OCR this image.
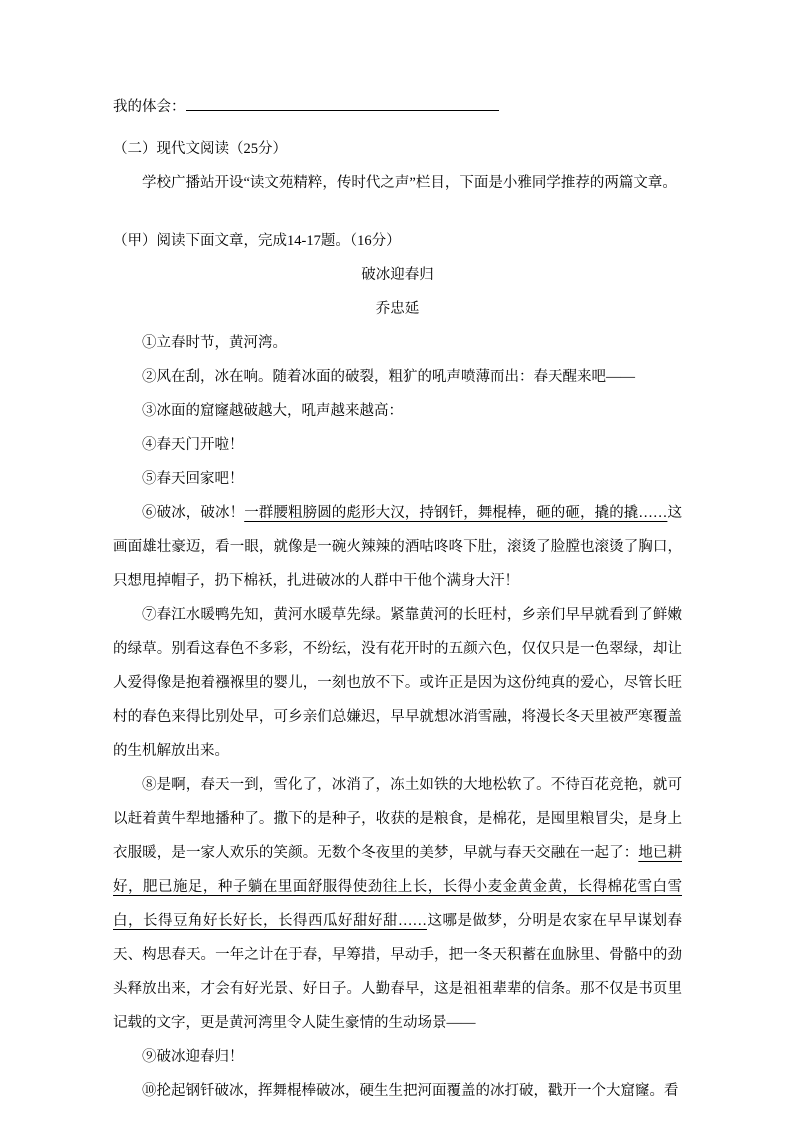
我的体会：

（二）现代文阅读（25分）

学校广播站开设“读文苑精粹，传时代之声”栏目，下面是小雅同学推荐的两篇文章。

（甲）阅读下面文章，完成14-17题。（16分）

破冰迎春归

乔忠延

①立春时节，黄河湾。

②风在刮，冰在响。随着冰面的破裂，粗犷的吼声喷薄而出：春天醒来吧——

③冰面的窟窿越破越大，吼声越来越高：

④春天门开啦！

⑤春天回家吧！

⑥破冰，破冰！一群腰粗膀圆的彪形大汉，持钢钎，舞棍棒，砸的砸，撬的撬……这画面雄壮豪迈，看一眼，就像是一碗火辣辣的酒咕咚咚下肚，滚烫了脸膛也滚烫了胸口，只想甩掉帽子，扔下棉袄，扎进破冰的人群中干他个满身大汗！

⑦春江水暖鸭先知，黄河水暖草先绿。紧靠黄河的长旺村，乡亲们早早就看到了鲜嫩的绿草。别看这春色不多彩，不纷纭，没有花开时的五颜六色，仅仅只是一色翠绿，却让人爱得像是抱着襁褓里的婴儿，一刻也放不下。或许正是因为这份纯真的爱心，尽管长旺村的春色来得比别处早，可乡亲们总嫌迟，早早就想冰消雪融，将漫长冬天里被严寒覆盖的生机解放出来。

⑧是啊，春天一到，雪化了，冰消了，冻土如铁的大地松软了。不待百花竞艳，就可以赶着黄牛犁地播种了。撒下的是种子，收获的是粮食，是棉花，是囤里粮冒尖，是身上衣服暖，是一家人欢乐的笑颜。无数个冬夜里的美梦，早就与春天交融在一起了：地已耕好，肥已施足，种子躺在里面舒服得使劲往上长，长得小麦金黄金黄，长得棉花雪白雪白，长得豆角好长好长，长得西瓜好甜好甜……这哪是做梦，分明是农家在早早谋划春天、构思春天。一年之计在于春，早筹措，早动手，把一冬天积蓄在血脉里、骨骼中的劲头释放出来，才会有好光景、好日子。人勤春早，这是祖祖辈辈的信条。那不仅是书页里记载的文字，更是黄河湾里令人陡生豪情的生动场景——

⑨破冰迎春归！

⑩抡起钢钎破冰，挥舞棍棒破冰，硬生生把河面覆盖的冰打破，戳开一个大窟窿。看
